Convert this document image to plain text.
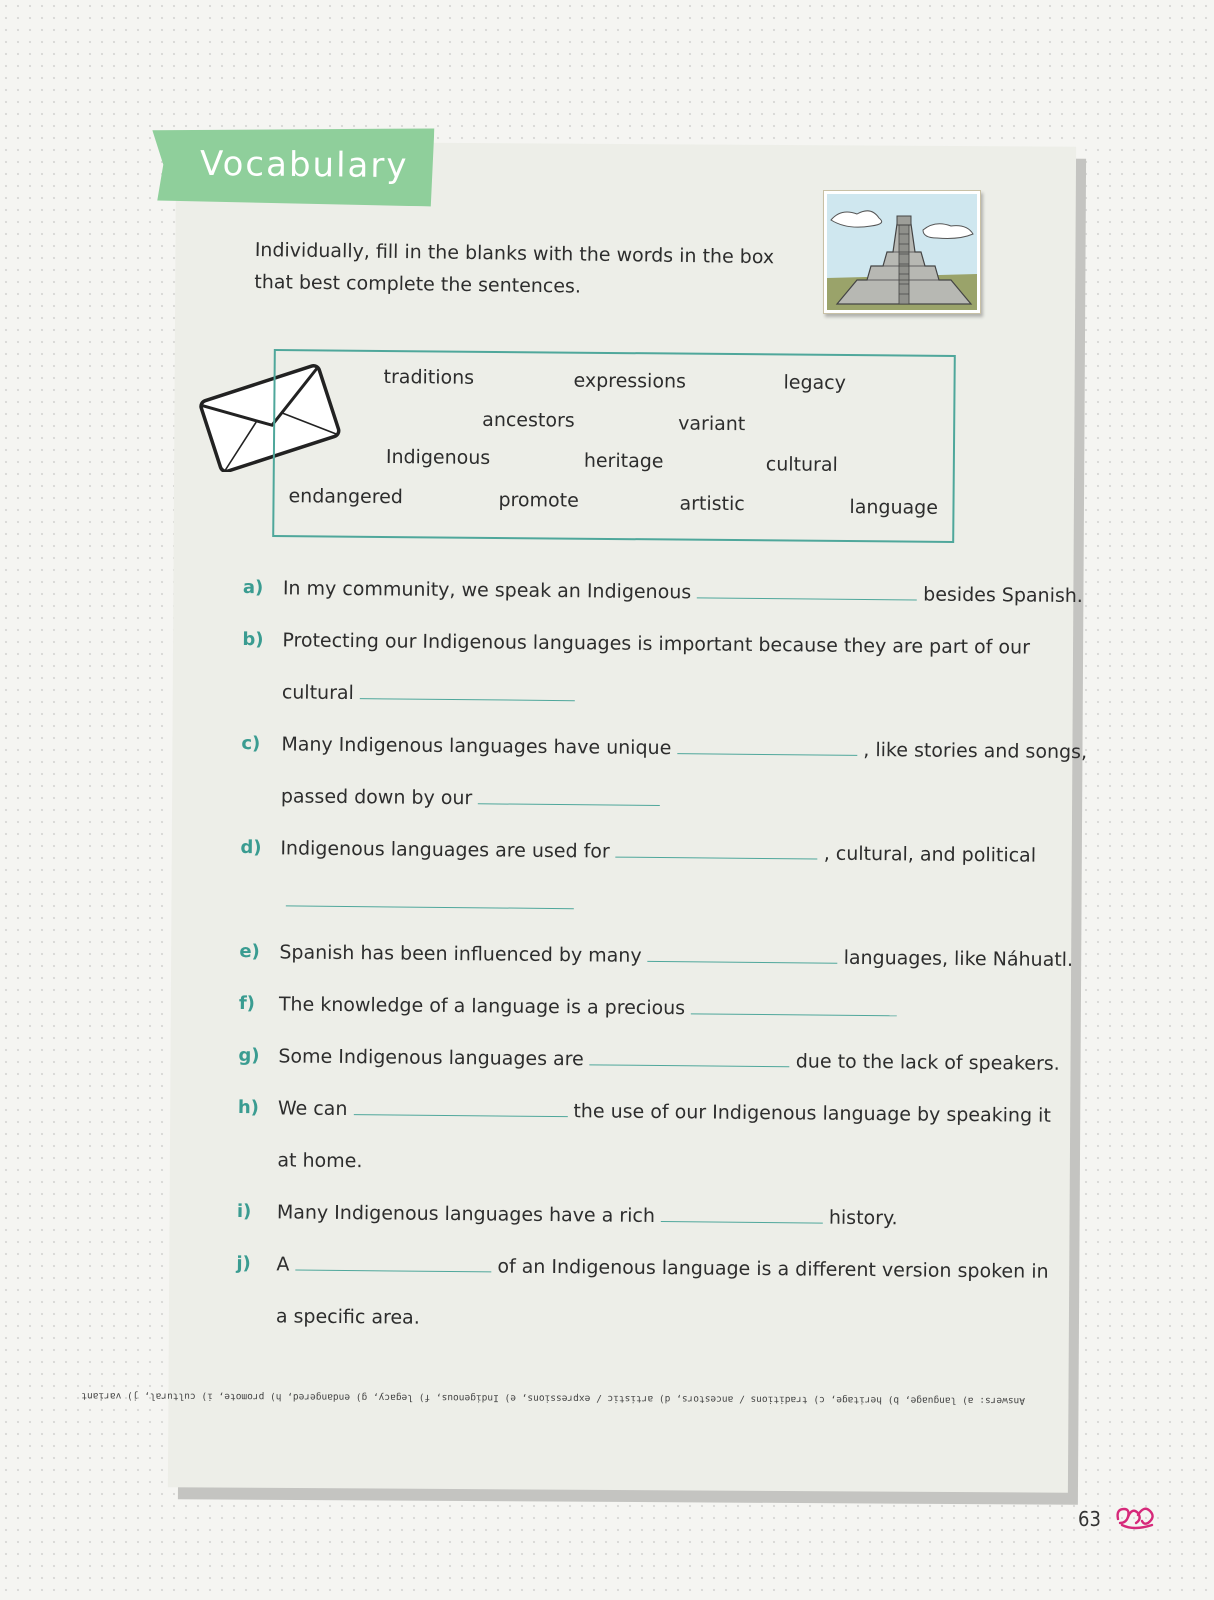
Vocabulary

Individually, fill in the blanks with the words in the box that best complete the sentences.

traditions	expressions	legacy
ancestors	variant
Indigenous	heritage	cultural
endangered	promote	artistic	language
a)	In my community, we speak an Indigenous	besides Spanish.
b) Protecting our Indigenous languages is important because they are part of our
cultural
c)	Many Indigenous languages have unique	, like stories and songs,
passed down by our
d) Indigenous languages are used for	, cultural, and political
e)	Spanish has been influenced by many	languages, like Náhuatl.
f)	The knowledge of a language is a precious
g) Some Indigenous languages are	due to the lack of speakers.
h) We can	the use of our Indigenous language by speaking it
at home.
i)	Many Indigenous languages have a rich	history.
j)	A	of an Indigenous language is a different version spoken in
a specific area.
Answers: a) language, b) heritage, c) traditions / ancestors, d) artistic / expressions, e) Indigenous, f) legacy, g) endangered, h) promote, i) cultural, j) variant
63
